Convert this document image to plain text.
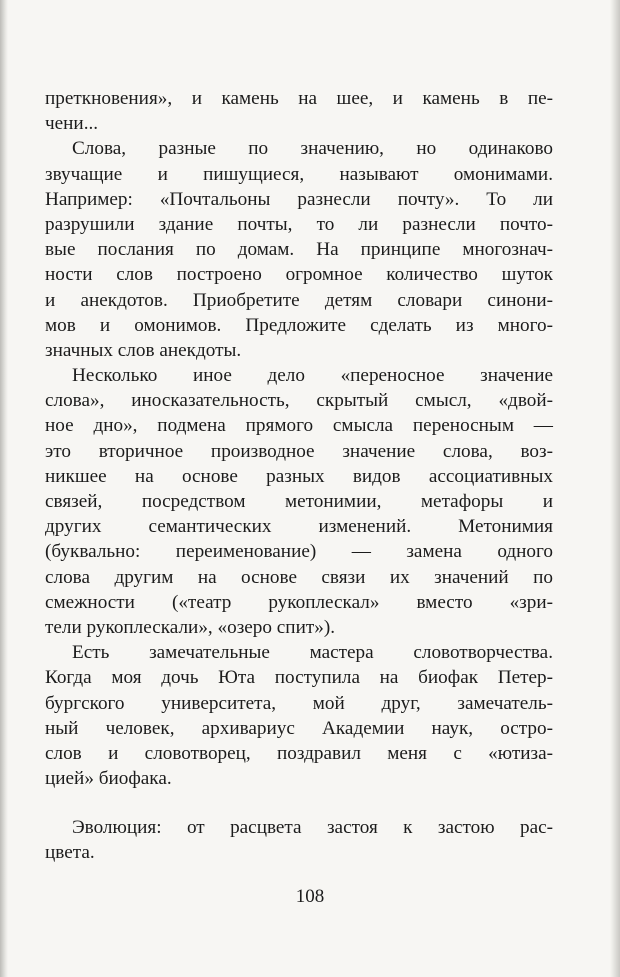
преткновения», и камень на шее, и камень в пе-
чени...
Слова, разные по значению, но одинаково
звучащие и пишущиеся, называют омонимами.
Например: «Почтальоны разнесли почту». То ли
разрушили здание почты, то ли разнесли почто-
вые послания по домам. На принципе многознач-
ности слов построено огромное количество шуток
и анекдотов. Приобретите детям словари синони-
мов и омонимов. Предложите сделать из много-
значных слов анекдоты.
Несколько иное дело «переносное значение
слова», иносказательность, скрытый смысл, «двой-
ное дно», подмена прямого смысла переносным —
это вторичное производное значение слова, воз-
никшее на основе разных видов ассоциативных
связей, посредством метонимии, метафоры и
других семантических изменений. Метонимия
(буквально: переименование) — замена одного
слова другим на основе связи их значений по
смежности («театр рукоплескал» вместо «зри-
тели рукоплескали», «озеро спит»).
Есть замечательные мастера словотворчества.
Когда моя дочь Юта поступила на биофак Петер-
бургского университета, мой друг, замечатель-
ный человек, архивариус Академии наук, остро-
слов и словотворец, поздравил меня с «ютиза-
цией» биофака.
Эволюция: от расцвета застоя к застою рас-
цвета.
108
